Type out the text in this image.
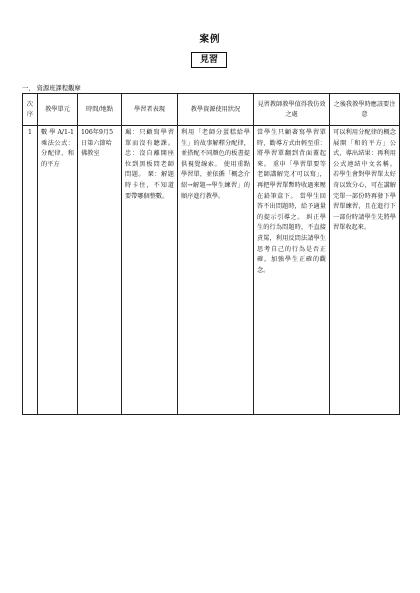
案例
見習
一、 資源班課程觀摩
次序	教學單元	時間/地點	學習者表現	教學資源使用狀況	見習教師教學值得我仿效之處	之後我教學時應該要注意
1	數學A/1-1乘法公式：分配律、和的平方	106年9月5日第六節哈佛教室	珮：只顧寫學習單而沒有聽課。 忠：沒自離開座位到黑板問老師問題。 琹：解題時卡住，不知道要帶哪個整數。	利用「老師分蛋糕給學生」的故事解釋分配律，並搭配不同顏色的板書提供視覺線索。 使用重點學習單，並依循「概念介紹→解題→學生練習」的順序進行教學。	當學生只顧著寫學習單時，勸導方式由輕至重：將學習單翻到背面蓋起來。 重申「學習單要等老師講解完才可以寫」，再把學習單暫時收過來壓在鉛筆盒下。 當學生回答不出問題時，給予適量的提示引導之。 糾正學生的行為問題時，不直接責罵，利用反問法請學生思考自己的行為是否正確，加強學生正確的觀念。	可以利用分配律的概念展開「和的平方」公式，導出結果：再利用公式連結中文名稱。 若學生會對學習單太好奇以致分心，可在講解完單一部份時再發下學習單練習，且在進行下一部份時請學生先將學習單收起來。
